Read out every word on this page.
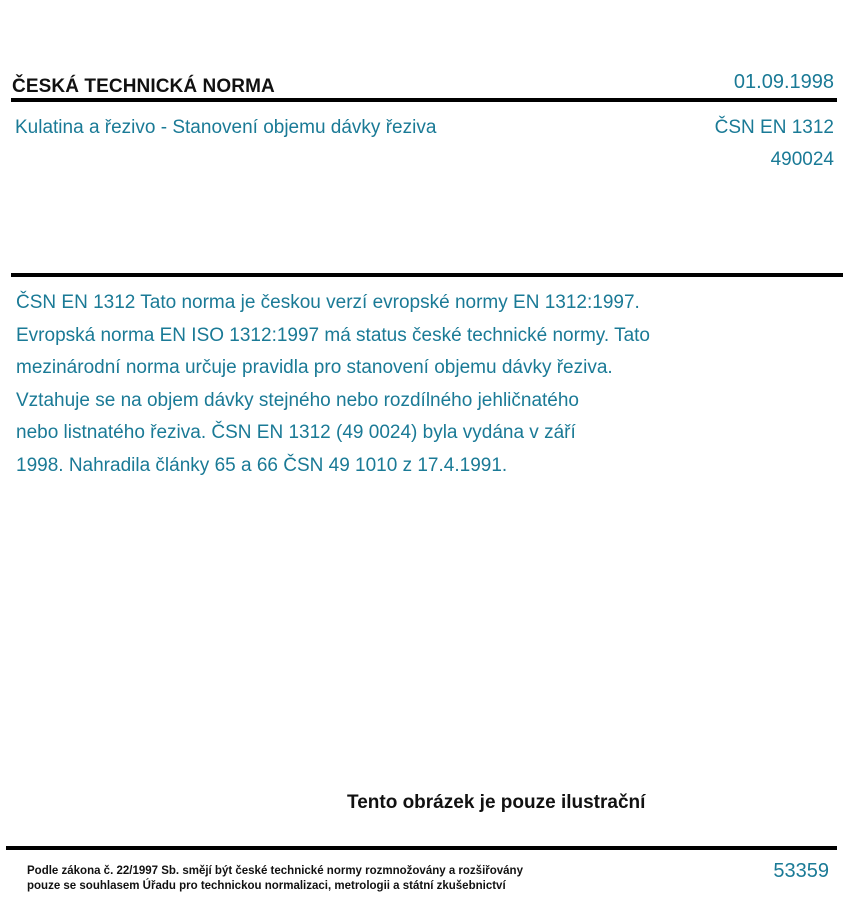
ČESKÁ TECHNICKÁ NORMA	01.09.1998
Kulatina a řezivo - Stanovení objemu dávky řeziva	ČSN EN 1312
490024
ČSN EN 1312 Tato norma je českou verzí evropské normy EN 1312:1997.
Evropská norma EN ISO 1312:1997 má status české technické normy. Tato
mezinárodní norma určuje pravidla pro stanovení objemu dávky řeziva.
Vztahuje se na objem dávky stejného nebo rozdílného jehličnatého
nebo listnatého řeziva. ČSN EN 1312 (49 0024) byla vydána v září
1998. Nahradila články 65 a 66 ČSN 49 1010 z 17.4.1991.
Tento obrázek je pouze ilustrační
Podle zákona č. 22/1997 Sb. smějí být české technické normy rozmnožovány a rozšiřovány
pouze se souhlasem Úřadu pro technickou normalizaci, metrologii a státní zkušebnictví
53359
